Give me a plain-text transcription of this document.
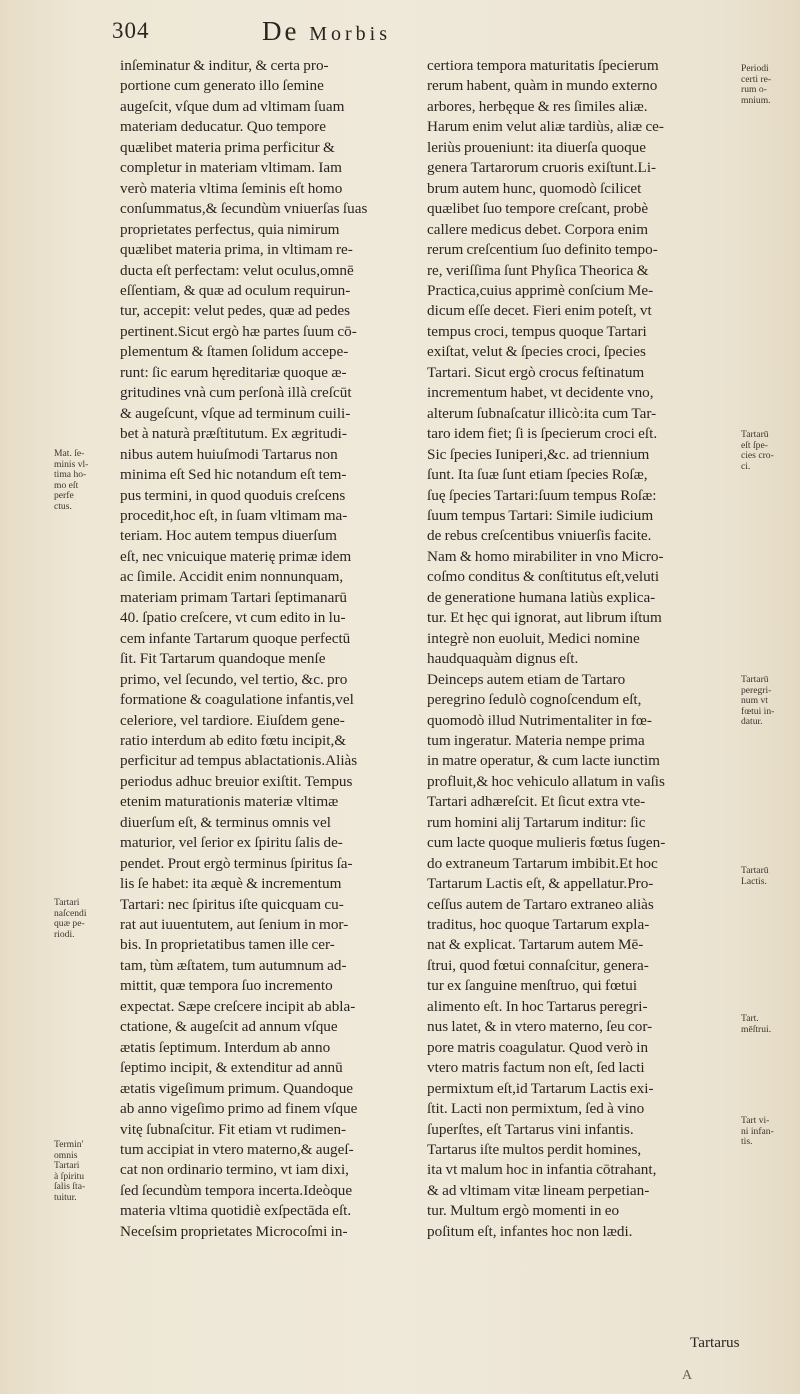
304	De Morbis
inſeminatur & inditur, & certa pro-
portione cum generato illo ſemine
augeſcit, vſque dum ad vltimam ſuam
materiam deducatur. Quo tempore
quælibet materia prima perficitur &
completur in materiam vltimam. Iam
verò materia vltima ſeminis eſt homo
conſummatus,& ſecundùm vniuerſas ſuas
proprietates perfectus, quia nimirum
quælibet materia prima, in vltimam re-
ducta eſt perfectam: velut oculus,omnē
eſſentiam, & quæ ad oculum requirun-
tur, accepit: velut pedes, quæ ad pedes
pertinent.Sicut ergò hæ partes ſuum cō-
plementum & ſtamen ſolidum accepe-
runt: ſic earum hęreditariæ quoque æ-
gritudines vnà cum perſonà illà creſcūt
& augeſcunt, vſque ad terminum cuili-
bet à naturà præſtitutum. Ex ægritudi-
nibus autem huiuſmodi Tartarus non
minima eſt Sed hic notandum eſt tem-
pus termini, in quod quoduis creſcens
procedit,hoc eſt, in ſuam vltimam ma-
teriam. Hoc autem tempus diuerſum
eſt, nec vnicuique materię primæ idem
ac ſimile. Accidit enim nonnunquam,
materiam primam Tartari ſeptimanarū
40. ſpatio creſcere, vt cum edito in lu-
cem infante Tartarum quoque perfectū
ſit. Fit Tartarum quandoque menſe
primo, vel ſecundo, vel tertio, &c. pro
formatione & coagulatione infantis,vel
celeriore, vel tardiore. Eiuſdem gene-
ratio interdum ab edito fœtu incipit,&
perficitur ad tempus ablactationis.Aliàs
periodus adhuc breuior exiſtit. Tempus
etenim maturationis materiæ vltimæ
diuerſum eſt, & terminus omnis vel
maturior, vel ſerior ex ſpiritu ſalis de-
pendet. Prout ergò terminus ſpiritus ſa-
lis ſe habet: ita æquè & incrementum
Tartari: nec ſpiritus iſte quicquam cu-
rat aut iuuentutem, aut ſenium in mor-
bis. In proprietatibus tamen ille cer-
tam, tùm æſtatem, tum autumnum ad-
mittit, quæ tempora ſuo incremento
expectat. Sæpe creſcere incipit ab abla-
ctatione, & augeſcit ad annum vſque
ætatis ſeptimum. Interdum ab anno
ſeptimo incipit, & extenditur ad annū
ætatis vigeſimum primum. Quandoque
ab anno vigeſimo primo ad finem vſque
vitę ſubnaſcitur. Fit etiam vt rudimen-
tum accipiat in vtero materno,& augeſ-
cat non ordinario termino, vt iam dixi,
ſed ſecundùm tempora incerta.Ideòque
materia vltima quotidiè exſpectāda eſt.
Neceſsim proprietates Microcoſmi in-
certiora tempora maturitatis ſpecierum
rerum habent, quàm in mundo externo
arbores, herbęque & res ſimiles aliæ.
Harum enim velut aliæ tardiùs, aliæ ce-
leriùs proueniunt: ita diuerſa quoque
genera Tartarorum cruoris exiſtunt.Li-
brum autem hunc, quomodò ſcilicet
quælibet ſuo tempore creſcant, probè
callere medicus debet. Corpora enim
rerum creſcentium ſuo definito tempo-
re, veriſſima ſunt Phyſica Theorica &
Practica,cuius apprimè conſcium Me-
dicum eſſe decet. Fieri enim poteſt, vt
tempus croci, tempus quoque Tartari
exiſtat, velut & ſpecies croci, ſpecies
Tartari. Sicut ergò crocus feſtinatum
incrementum habet, vt decidente vno,
alterum ſubnaſcatur illicò:ita cum Tar-
taro idem fiet; ſi is ſpecierum croci eſt.
Sic ſpecies Iuniperi,&c. ad triennium
ſunt. Ita ſuæ ſunt etiam ſpecies Roſæ,
ſuę ſpecies Tartari:ſuum tempus Roſæ:
ſuum tempus Tartari: Simile iudicium
de rebus creſcentibus vniuerſis facite.
Nam & homo mirabiliter in vno Micro-
coſmo conditus & conſtitutus eſt,veluti
de generatione humana latiùs explica-
tur. Et hęc qui ignorat, aut librum iſtum
integrè non euoluit, Medici nomine
haudquaquàm dignus eſt.
Deinceps autem etiam de Tartaro
peregrino ſedulò cognoſcendum eſt,
quomodò illud Nutrimentaliter in fœ-
tum ingeratur. Materia nempe prima
in matre operatur, & cum lacte iunctim
profluit,& hoc vehiculo allatum in vaſis
Tartari adhæreſcit. Et ſicut extra vte-
rum homini alij Tartarum inditur: ſic
cum lacte quoque mulieris fœtus ſugen-
do extraneum Tartarum imbibit.Et hoc
Tartarum Lactis eſt, & appellatur.Pro-
ceſſus autem de Tartaro extraneo aliàs
traditus, hoc quoque Tartarum expla-
nat & explicat. Tartarum autem Mē-
ſtrui, quod fœtui connaſcitur, genera-
tur ex ſanguine menſtruo, qui fœtui
alimento eſt. In hoc Tartarus peregri-
nus latet, & in vtero materno, ſeu cor-
pore matris coagulatur. Quod verò in
vtero matris factum non eſt, ſed lacti
permixtum eſt,id Tartarum Lactis exi-
ſtit. Lacti non permixtum, ſed à vino
ſuperſtes, eſt Tartarus vini infantis.
Tartarus iſte multos perdit homines,
ita vt malum hoc in infantia cōtrahant,
& ad vltimam vitæ lineam perpetian-
tur. Multum ergò momenti in eo
poſitum eſt, infantes hoc non lædi.
Mat. ſe-
minis vl-
tima ho-
mo eſt
perfe
ctus.
Tartari
naſcendi
quæ pe-
riodi.
Termin'
omnis
Tartari
à ſpiritu
ſalis ſta-
tuitur.
Periodi
certi re-
rum o-
mnium.
Tartarū
eſt ſpe-
cies cro-
ci.
Tartarū
peregri-
num vt
fœtui in-
datur.
Tartarū
Lactis.
Tart.
mēſtrui.
Tart vi-
ni infan-
tis.
Tartarus
A
